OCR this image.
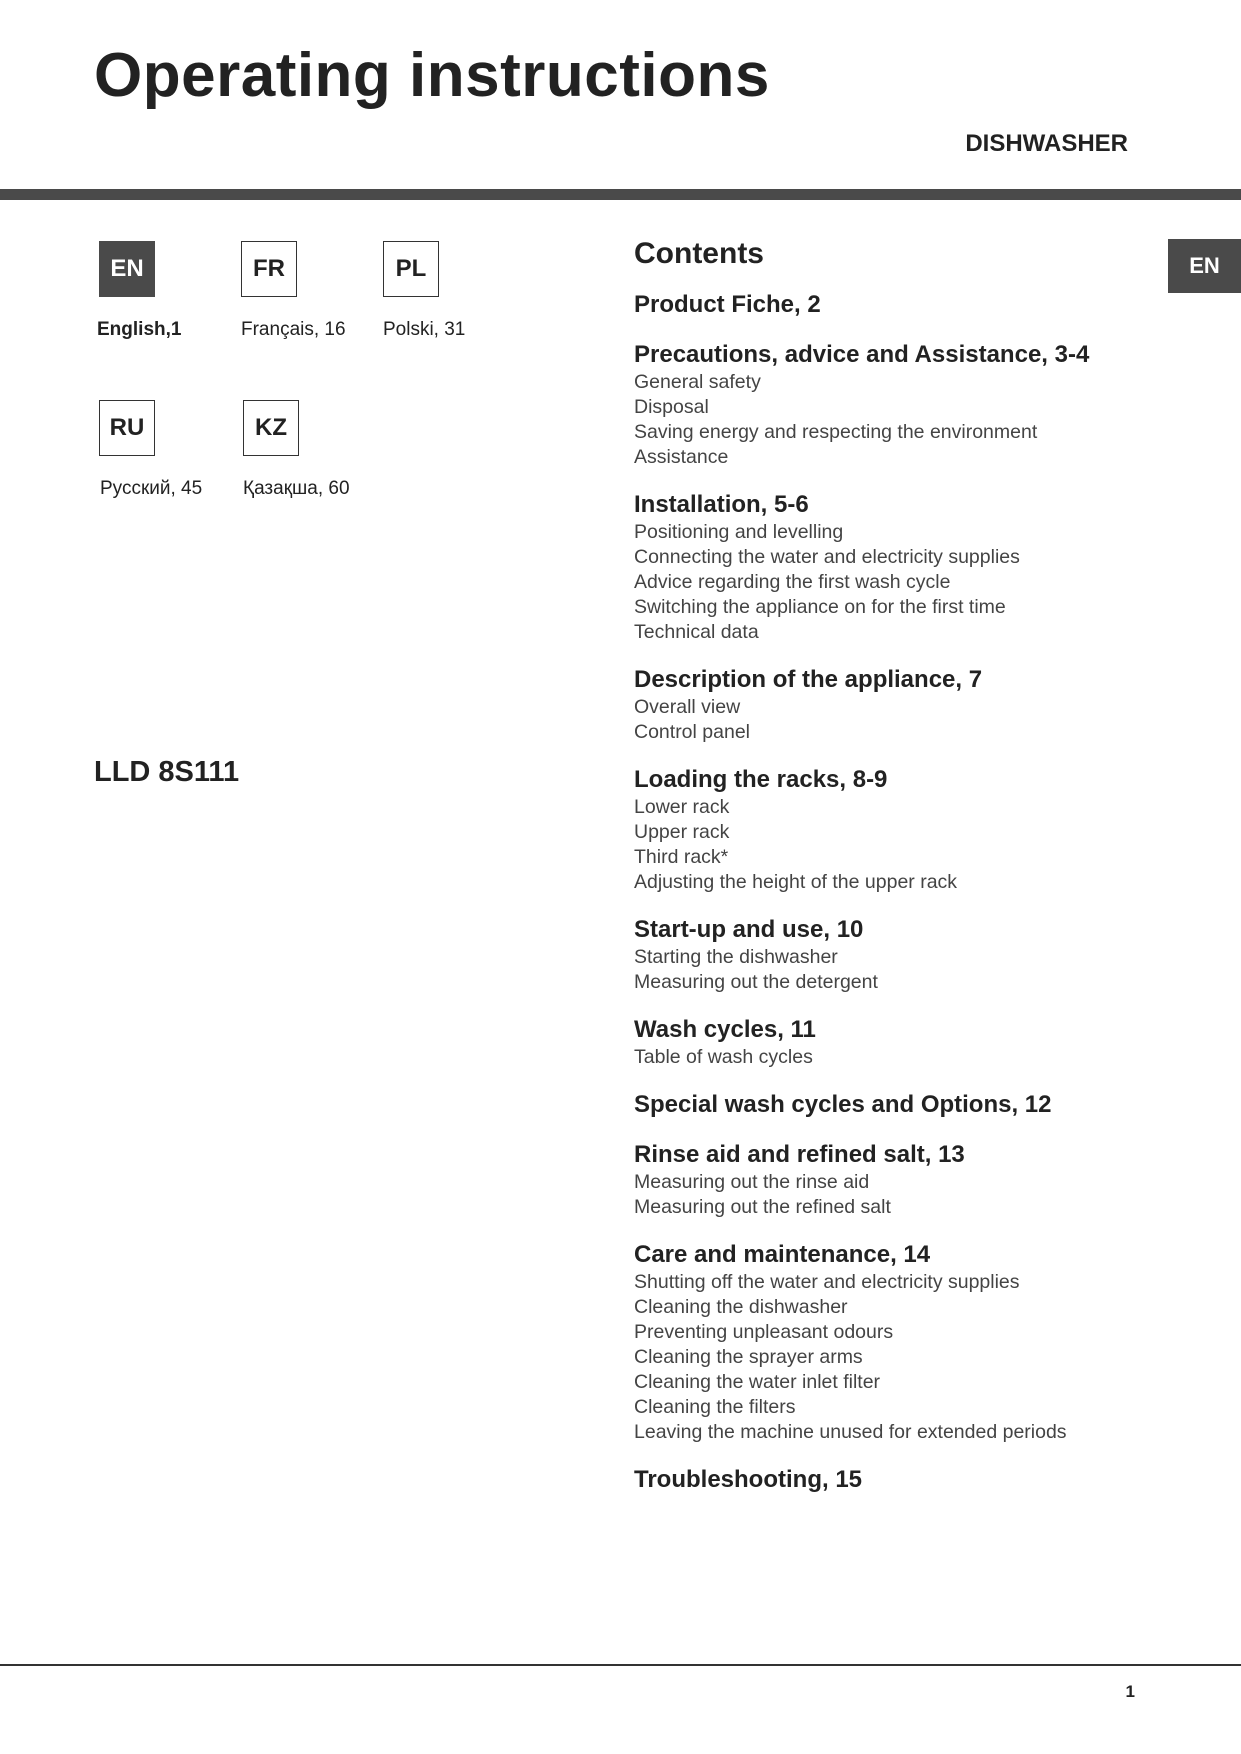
Operating instructions
DISHWASHER
EN
EN
English,1
FR
Français, 16
PL
Polski, 31
RU
Русский, 45
KZ
Қазақша, 60
LLD 8S111
Contents
Product Fiche, 2
Precautions, advice and Assistance, 3-4
General safety
Disposal
Saving energy and respecting the environment
Assistance
Installation, 5-6
Positioning and levelling
Connecting the water and electricity supplies
Advice regarding the first wash cycle
Switching the appliance on for the first time
Technical data
Description of the appliance, 7
Overall view
Control panel
Loading the racks, 8-9
Lower rack
Upper rack
Third rack*
Adjusting the height of the upper rack
Start-up and use, 10
Starting the dishwasher
Measuring out the detergent
Wash cycles, 11
Table of wash cycles
Special wash cycles and Options, 12
Rinse aid and refined salt, 13
Measuring out the rinse aid
Measuring out the refined salt
Care and maintenance, 14
Shutting off the water and electricity supplies
Cleaning the dishwasher
Preventing unpleasant odours
Cleaning the sprayer arms
Cleaning the water inlet filter
Cleaning the filters
Leaving the machine unused for extended periods
Troubleshooting, 15
1
